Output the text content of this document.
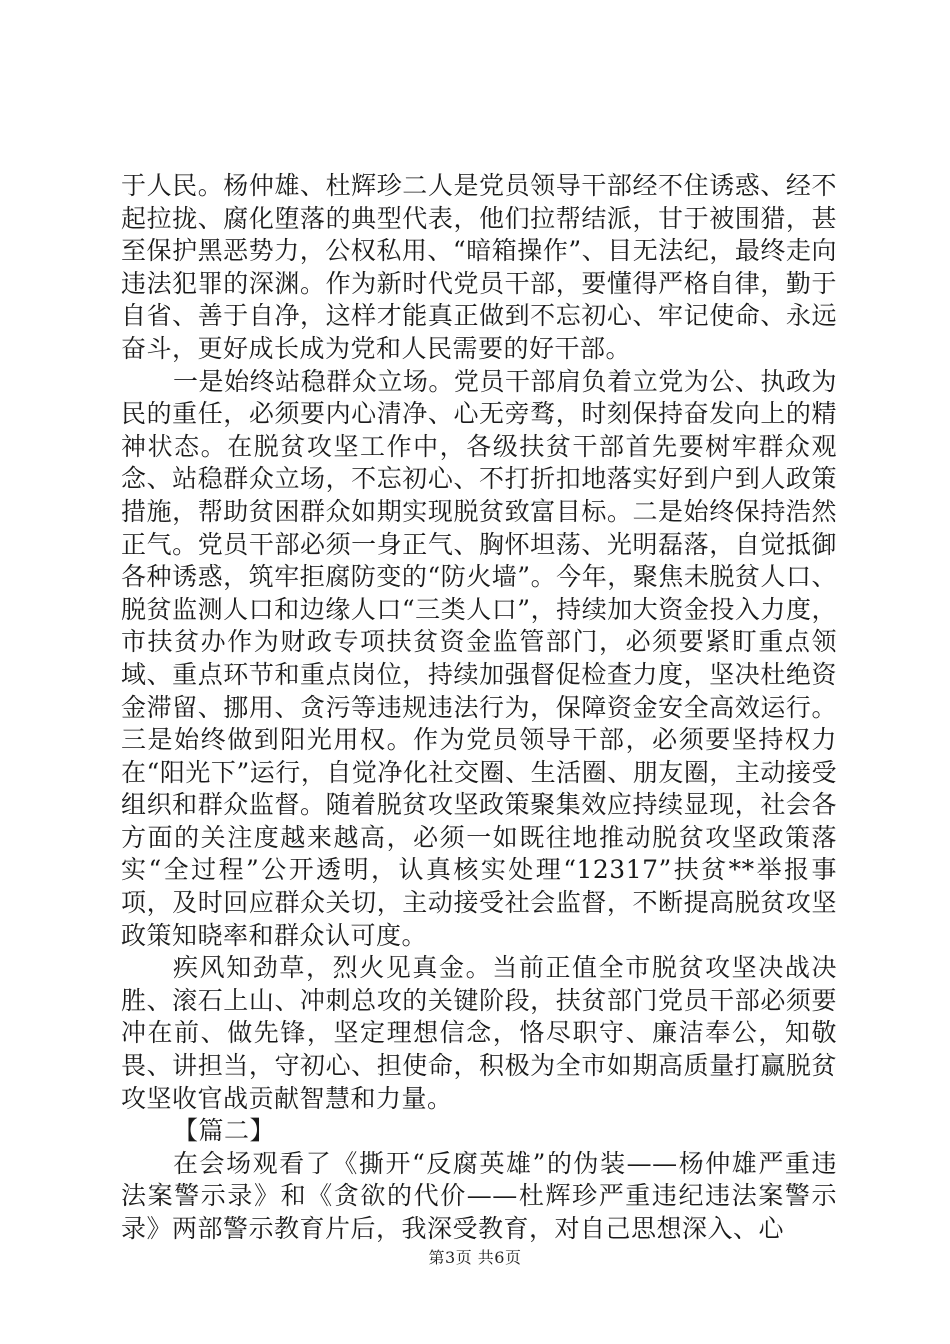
于人民。杨仲雄、杜辉珍二人是党员领导干部经不住诱惑、经不起拉拢、腐化堕落的典型代表，他们拉帮结派，甘于被围猎，甚至保护黑恶势力，公权私用、“暗箱操作”、目无法纪，最终走向违法犯罪的深渊。作为新时代党员干部，要懂得严格自律，勤于自省、善于自净，这样才能真正做到不忘初心、牢记使命、永远奋斗，更好成长成为党和人民需要的好干部。

一是始终站稳群众立场。党员干部肩负着立党为公、执政为民的重任，必须要内心清净、心无旁骛，时刻保持奋发向上的精神状态。在脱贫攻坚工作中，各级扶贫干部首先要树牢群众观念、站稳群众立场，不忘初心、不打折扣地落实好到户到人政策措施，帮助贫困群众如期实现脱贫致富目标。二是始终保持浩然正气。党员干部必须一身正气、胸怀坦荡、光明磊落，自觉抵御各种诱惑，筑牢拒腐防变的“防火墙”。今年，聚焦未脱贫人口、脱贫监测人口和边缘人口“三类人口”，持续加大资金投入力度，市扶贫办作为财政专项扶贫资金监管部门，必须要紧盯重点领域、重点环节和重点岗位，持续加强督促检查力度，坚决杜绝资金滞留、挪用、贪污等违规违法行为，保障资金安全高效运行。三是始终做到阳光用权。作为党员领导干部，必须要坚持权力在“阳光下”运行，自觉净化社交圈、生活圈、朋友圈，主动接受组织和群众监督。随着脱贫攻坚政策聚集效应持续显现，社会各方面的关注度越来越高，必须一如既往地推动脱贫攻坚政策落实“全过程”公开透明，认真核实处理“12317”扶贫**举报事项，及时回应群众关切，主动接受社会监督，不断提高脱贫攻坚政策知晓率和群众认可度。

疾风知劲草，烈火见真金。当前正值全市脱贫攻坚决战决胜、滚石上山、冲刺总攻的关键阶段，扶贫部门党员干部必须要冲在前、做先锋，坚定理想信念，恪尽职守、廉洁奉公，知敬畏、讲担当，守初心、担使命，积极为全市如期高质量打赢脱贫攻坚收官战贡献智慧和力量。

【篇二】

在会场观看了《撕开“反腐英雄”的伪装——杨仲雄严重违法案警示录》和《贪欲的代价——杜辉珍严重违纪违法案警示录》两部警示教育片后，我深受教育，对自己思想深入、心

第3页 共6页
